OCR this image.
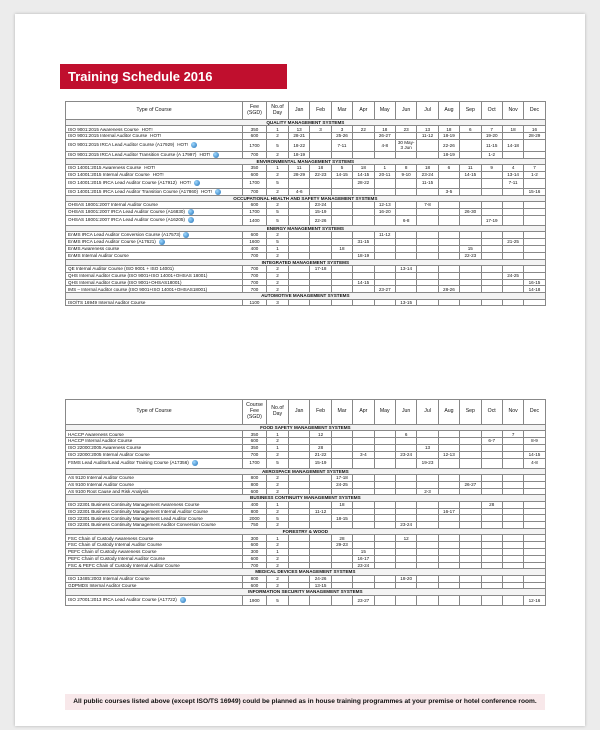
Training Schedule 2016
Type of Course	Fee (SGD)	No.of Day	Jan	Feb	Mar	Apr	May	Jun	Jul	Aug	Sep	Oct	Nov	Dec
QUALITY MANAGEMENT SYSTEMS														
ISO 9001:2015 Awareness Course HOT!	350	1	13	3	3	22	18	23	13	18	6	7	18	16
ISO 9001:2015 Internal Auditor Course HOT!	600	2	28-21		25-26		26-27		11-12	18-19		19-20		28-29
ISO 9001:2015 IRCA Lead Auditor Course (A17929) HOT!	1700	5	18-22		7-11		4-8	30 May-3 Jun		22-26		11-15	14-18	
ISO 9001:2015 IRCA Lead Auditor Transition Course (A 17997) HOT!	700	2	18-19							18-19		1-2		
ENVIRONMENTAL MANAGEMENT SYSTEMS														
ISO 14001:2015 Awareness Course HOT!	350	1	11	18	5	18	1	8	18	6	11	9	4	7
ISO 14001:2015 Internal Auditor Course HOT!	600	2	28-29	22-23	14-15	14-15	20-11	9-10	23-24		14-15		13-14	1-2
ISO 14001:2015 IRCA Lead Auditor Course (A17912) HOT!	1700	5				28-22			11-15				7-11	
ISO 14001:2015 IRCA Lead Auditor Transition Course (A17860) HOT!	700	2	4-6							3-5				15-16
OCCUPATIONAL HEALTH AND SAFETY MANAGEMENT SYSTEMS														
OHSAS 18001:2007 Internal Auditor Course	600	2		23-24			12-13		7-8					
OHSAS 18001:2007 IRCA Lead Auditor Course (A16830)	1700	5		15-19			16-20				26-30			
OHSAS 18001:2007 IRCA Lead Auditor Course (A16205)	1400	5		22-26				6-8				17-19		
ENERGY MANAGEMENT SYSTEMS														
EnMS IRCA Lead Auditor Conversion Course (A17573)	600	2					11-12							
EnMS IRCA Lead Auditor Course (A17621)	1600	5				31-15							21-25	
EnMS Awareness course	400	1			18						15			
EnMS Internal Auditor Course	700	2				18-19					22-23			
INTEGRATED MANAGEMENT SYSTEMS														
QE Internal Auditor Course (ISO 9001 + ISO 14001)	700	2		17-18				13-14						
QHS Internal Auditor Course (ISO 9001+ISO 14001+OHSAS 18001)	700	2											24-25	
QHS Internal Auditor Course (ISO 9001+OHSAS18001)	700	2				14-15								16-15
IMS – Internal Auditor course (ISO 9001+ISO 14001+OHSAS18001)	700	2					23-27			28-26				14-18
AUTOMOTIVE MANAGEMENT SYSTEMS														
ISO/TS 16949 Internal Auditor Course	1100	3						13-15						
Type of Course	Course Fee (SGD)	No.of Day	Jan	Feb	Mar	Apr	May	Jun	Jul	Aug	Sep	Oct	Nov	Dec
FOOD SAFETY MANAGEMENT SYSTEMS														
HACCP Awareness Course	350	1		12				6					7	
HACCP Internal Auditor Course	600	2										6-7		8-9
ISO 22000:2005 Awareness Course	350	1		28					13					
ISO 22000:2005 Internal Auditor Course	700	2		21-22		3-4		23-24		12-13				14-15
FSMS Lead Auditor/Lead Auditor Training Course (A17356)	1700	5		15-19					19-23					4-8
AEROSPACE MANAGEMENT SYSTEMS														
AS 9120 Internal Auditor Course	800	2			17-18									
AS 9100 Internal Auditor Course	800	2			24-25						26-27			
AS 9100 Root Cause and Risk Analysis	600	2							2-3					
BUSINESS CONTINUITY MANAGEMENT SYSTEMS														
ISO 22301 Business Continuity Management Awareness Course	400	1			18							28		
ISO 22301 Business Continuity Management Internal Auditor Course	800	2		11-12						16-17				
ISO 22301 Business Continuity Management Lead Auditor Course	2000	5			18-15									
ISO 22301 Business Continuity Management Auditor Conversion Course	750	2						23-24						
FORESTRY & WOOD														
FSC Chain of Custody Awareness Course	300	1			28			12						
FSC Chain of Custody Internal Auditor Course	600	2			29-23									
PEFC Chain of Custody Awareness Course	300	1				15								
PEFC Chain of Custody Internal Auditor Course	600	2				16-17								
FSC & PEFC Chain of Custody Internal Auditor Course	700	2				23-24								
MEDICAL DEVICES MANAGEMENT SYSTEMS														
ISO 13485:2003 Internal Auditor Course	800	2		24-26				18-20						
GDPMDS Internal Auditor Course	600	2		13-15										
INFORMATION SECURITY MANAGEMENT SYSTEMS														
ISO 27001:2013 IRCA Lead Auditor Course (A17722)	1900	5				23-27								12-16
All public courses listed above (except ISO/TS 16949) could be planned as in house training programmes at your premise or hotel conference room.
